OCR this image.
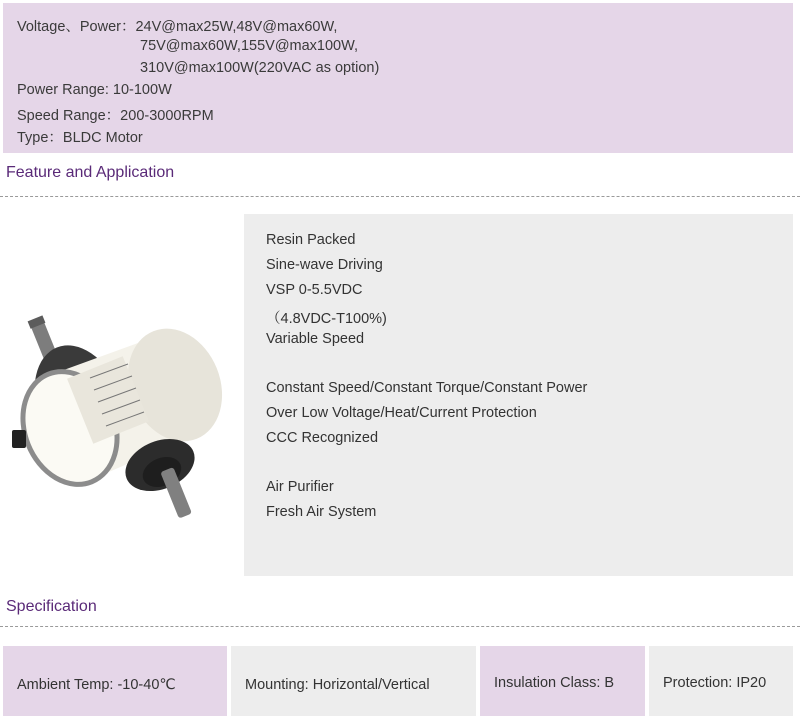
Voltage、Power：24V@max25W,48V@max60W,
75V@max60W,155V@max100W,
310V@max100W(220VAC as option)
Power Range: 10-100W
Speed Range：200-3000RPM
Type：BLDC Motor
Feature and Application
Resin Packed
Sine-wave Driving
VSP 0-5.5VDC
（4.8VDC-T100%)
Variable Speed
Constant Speed/Constant Torque/Constant Power
Over Low Voltage/Heat/Current Protection
CCC Recognized
Air Purifier
Fresh Air System
Specification
Ambient Temp: -10-40℃	Mounting: Horizontal/Vertical	Insulation Class: B	Protection: IP20
